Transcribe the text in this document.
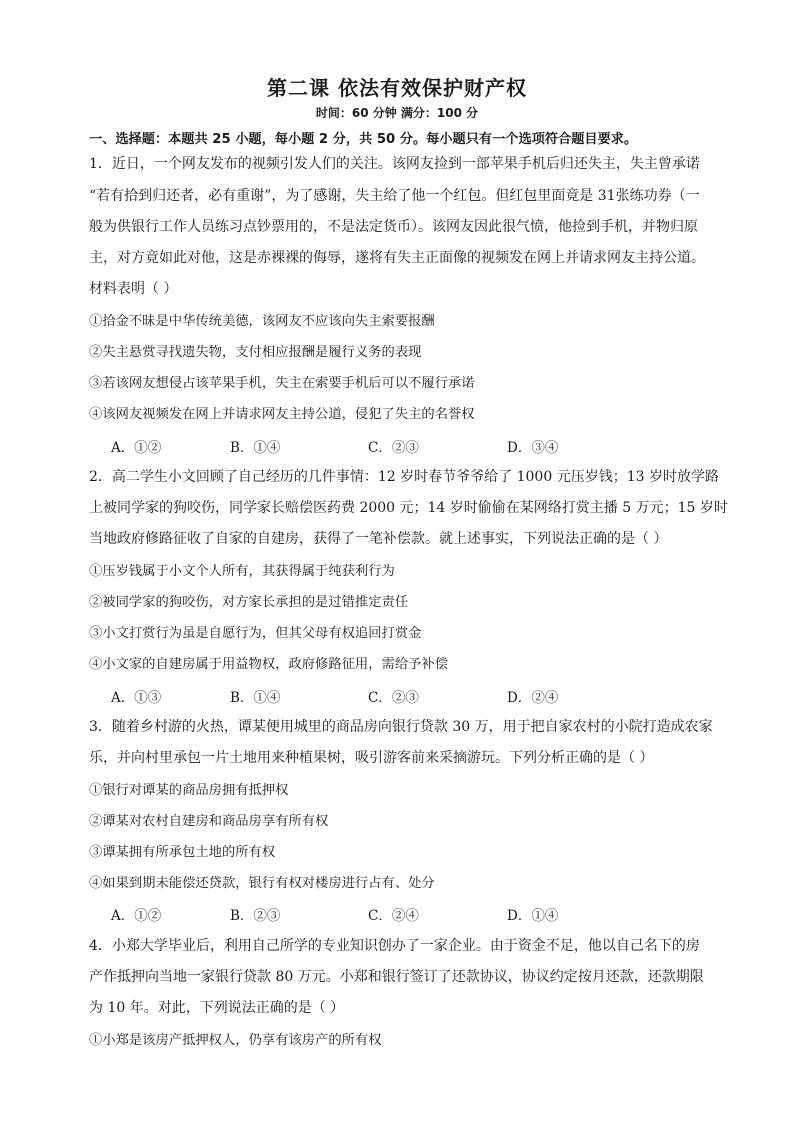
第二课 依法有效保护财产权
时间：60 分钟 满分：100 分
一、选择题：本题共 25 小题，每小题 2 分，共 50 分。每小题只有一个选项符合题目要求。
1．近日，一个网友发布的视频引发人们的关注。该网友捡到一部苹果手机后归还失主，失主曾承诺
“若有拾到归还者，必有重谢”，为了感谢，失主给了他一个红包。但红包里面竟是 31张练功券（一
般为供银行工作人员练习点钞票用的，不是法定货币）。该网友因此很气愤，他捡到手机，并物归原
主，对方竟如此对他，这是赤裸裸的侮辱，遂将有失主正面像的视频发在网上并请求网友主持公道。
材料表明（ ）
①拾金不昧是中华传统美德，该网友不应该向失主索要报酬
②失主悬赏寻找遗失物，支付相应报酬是履行义务的表现
③若该网友想侵占该苹果手机，失主在索要手机后可以不履行承诺
④该网友视频发在网上并请求网友主持公道，侵犯了失主的名誉权
A．①②	B．①④	C．②③	D．③④
2．高二学生小文回顾了自己经历的几件事情：12 岁时春节爷爷给了 1000 元压岁钱；13 岁时放学路
上被同学家的狗咬伤，同学家长赔偿医药费 2000 元；14 岁时偷偷在某网络打赏主播 5 万元；15 岁时
当地政府修路征收了自家的自建房，获得了一笔补偿款。就上述事实，下列说法正确的是（ ）
①压岁钱属于小文个人所有，其获得属于纯获利行为
②被同学家的狗咬伤，对方家长承担的是过错推定责任
③小文打赏行为虽是自愿行为，但其父母有权追回打赏金
④小文家的自建房属于用益物权，政府修路征用，需给予补偿
A．①③	B．①④	C．②③	D．②④
3．随着乡村游的火热，谭某便用城里的商品房向银行贷款 30 万，用于把自家农村的小院打造成农家
乐，并向村里承包一片土地用来种植果树，吸引游客前来采摘游玩。下列分析正确的是（ ）
①银行对谭某的商品房拥有抵押权
②谭某对农村自建房和商品房享有所有权
③谭某拥有所承包土地的所有权
④如果到期未能偿还贷款，银行有权对楼房进行占有、处分
A．①②	B．②③	C．②④	D．①④
4．小郑大学毕业后，利用自己所学的专业知识创办了一家企业。由于资金不足，他以自己名下的房
产作抵押向当地一家银行贷款 80 万元。小郑和银行签订了还款协议，协议约定按月还款，还款期限
为 10 年。对此，下列说法正确的是（ ）
①小郑是该房产抵押权人，仍享有该房产的所有权
